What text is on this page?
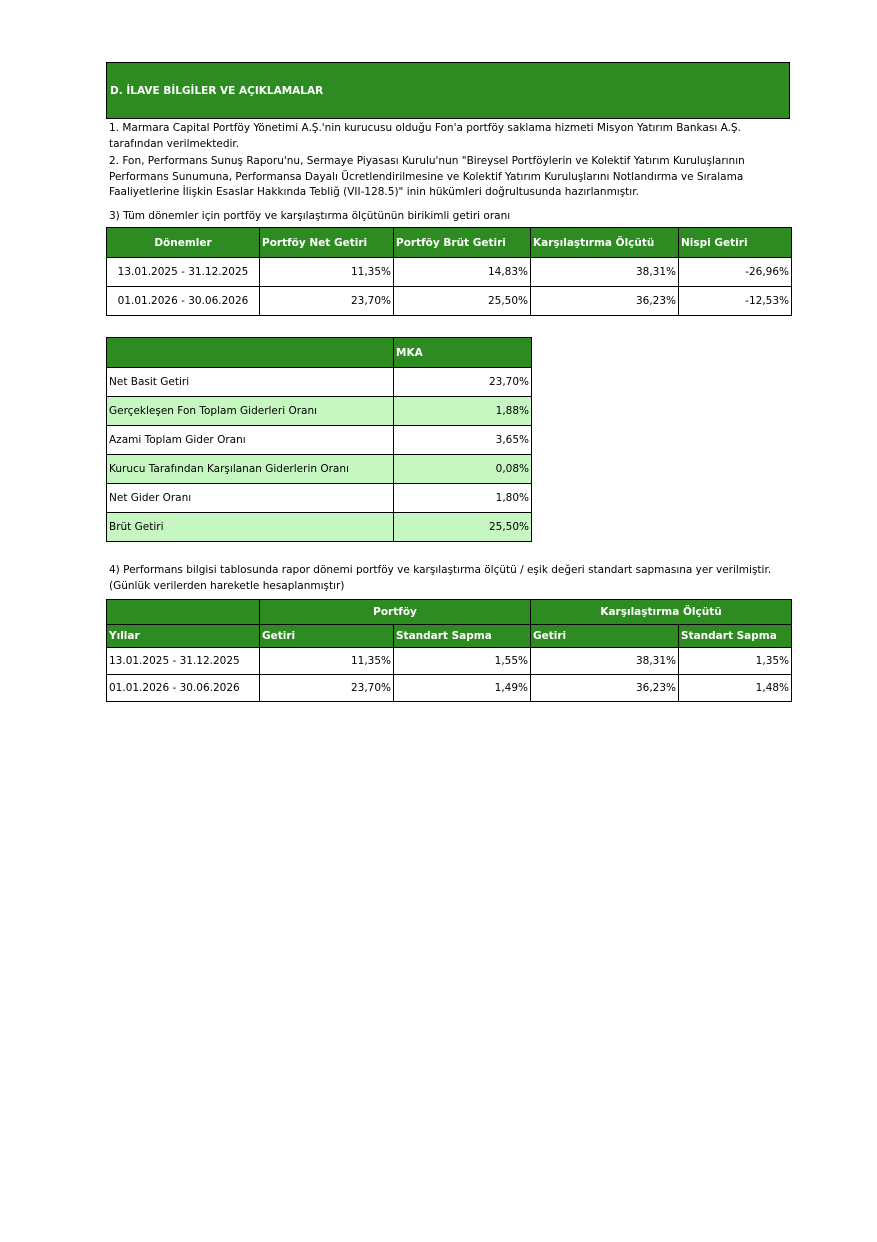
D. İLAVE BİLGİLER VE AÇIKLAMALAR
1. Marmara Capital Portföy Yönetimi A.Ş.'nin kurucusu olduğu Fon'a portföy saklama hizmeti Misyon Yatırım Bankası A.Ş. tarafından verilmektedir.
2. Fon, Performans Sunuş Raporu'nu, Sermaye Piyasası Kurulu'nun "Bireysel Portföylerin ve Kolektif Yatırım Kuruluşlarının Performans Sunumuna, Performansa Dayalı Ücretlendirilmesine ve Kolektif Yatırım Kuruluşlarını Notlandırma ve Sıralama Faaliyetlerine İlişkin Esaslar Hakkında Tebliğ (VII-128.5)" inin hükümleri doğrultusunda hazırlanmıştır.
3) Tüm dönemler için portföy ve karşılaştırma ölçütünün birikimli getiri oranı
Dönemler	Portföy Net Getiri	Portföy Brüt Getiri	Karşılaştırma Ölçütü	Nispi Getiri
13.01.2025 - 31.12.2025	11,35%	14,83%	38,31%	-26,96%
01.01.2026 - 30.06.2026	23,70%	25,50%	36,23%	-12,53%
	MKA
Net Basit Getiri	23,70%
Gerçekleşen Fon Toplam Giderleri Oranı	1,88%
Azami Toplam Gider Oranı	3,65%
Kurucu Tarafından Karşılanan Giderlerin Oranı	0,08%
Net Gider Oranı	1,80%
Brüt Getiri	25,50%
4) Performans bilgisi tablosunda rapor dönemi portföy ve karşılaştırma ölçütü / eşik değeri standart sapmasına yer verilmiştir. (Günlük verilerden hareketle hesaplanmıştır)
	Portföy		Karşılaştırma Ölçütü	
Yıllar	Getiri	Standart Sapma	Getiri	Standart Sapma
13.01.2025 - 31.12.2025	11,35%	1,55%	38,31%	1,35%
01.01.2026 - 30.06.2026	23,70%	1,49%	36,23%	1,48%
